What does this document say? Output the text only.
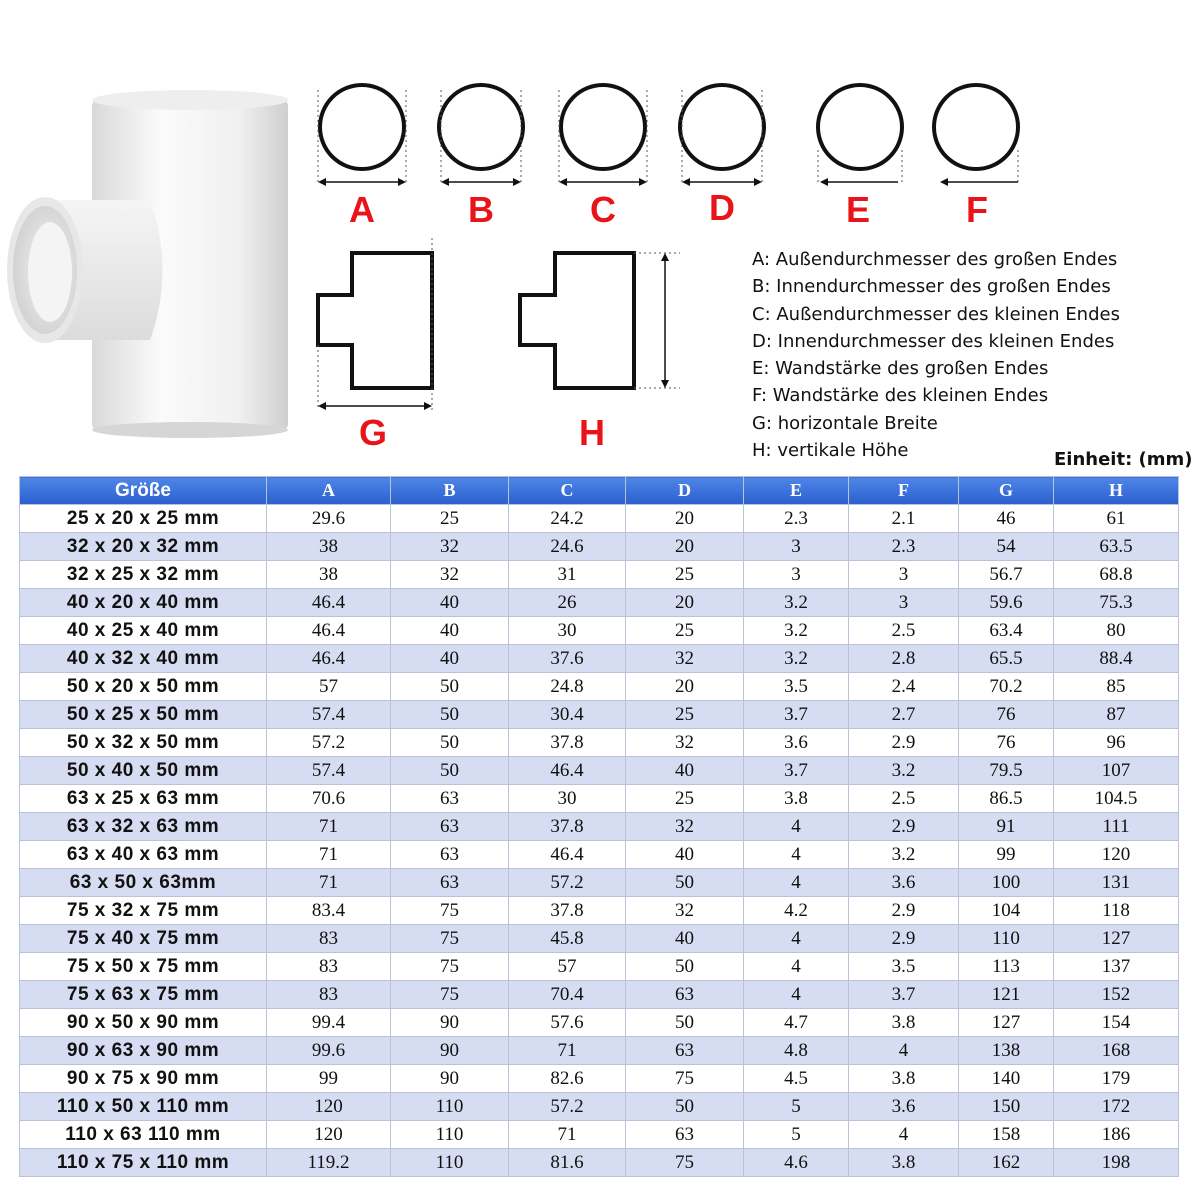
A	B	C	D	E	F
G	H
A: Außendurchmesser des großen Endes
B: Innendurchmesser des großen Endes
C: Außendurchmesser des kleinen Endes
D: Innendurchmesser des kleinen Endes
E: Wandstärke des großen Endes
F: Wandstärke des kleinen Endes
G: horizontale Breite
H: vertikale Höhe	Einheit: (mm)
Größe	A	B	C	D	E	F	G	H
25 x 20 x 25 mm	29.6	25	24.2	20	2.3	2.1	46	61
32 x 20 x 32 mm	38	32	24.6	20	3	2.3	54	63.5
32 x 25 x 32 mm	38	32	31	25	3	3	56.7	68.8
40 x 20 x 40 mm	46.4	40	26	20	3.2	3	59.6	75.3
40 x 25 x 40 mm	46.4	40	30	25	3.2	2.5	63.4	80
40 x 32 x 40 mm	46.4	40	37.6	32	3.2	2.8	65.5	88.4
50 x 20 x 50 mm	57	50	24.8	20	3.5	2.4	70.2	85
50 x 25 x 50 mm	57.4	50	30.4	25	3.7	2.7	76	87
50 x 32 x 50 mm	57.2	50	37.8	32	3.6	2.9	76	96
50 x 40 x 50 mm	57.4	50	46.4	40	3.7	3.2	79.5	107
63 x 25 x 63 mm	70.6	63	30	25	3.8	2.5	86.5	104.5
63 x 32 x 63 mm	71	63	37.8	32	4	2.9	91	111
63 x 40 x 63 mm	71	63	46.4	40	4	3.2	99	120
63 x 50 x 63mm	71	63	57.2	50	4	3.6	100	131
75 x 32 x 75 mm	83.4	75	37.8	32	4.2	2.9	104	118
75 x 40 x 75 mm	83	75	45.8	40	4	2.9	110	127
75 x 50 x 75 mm	83	75	57	50	4	3.5	113	137
75 x 63 x 75 mm	83	75	70.4	63	4	3.7	121	152
90 x 50 x 90 mm	99.4	90	57.6	50	4.7	3.8	127	154
90 x 63 x 90 mm	99.6	90	71	63	4.8	4	138	168
90 x 75 x 90 mm	99	90	82.6	75	4.5	3.8	140	179
110 x 50 x 110 mm	120	110	57.2	50	5	3.6	150	172
110 x 63 110 mm	120	110	71	63	5	4	158	186
110 x 75 x 110 mm	119.2	110	81.6	75	4.6	3.8	162	198
